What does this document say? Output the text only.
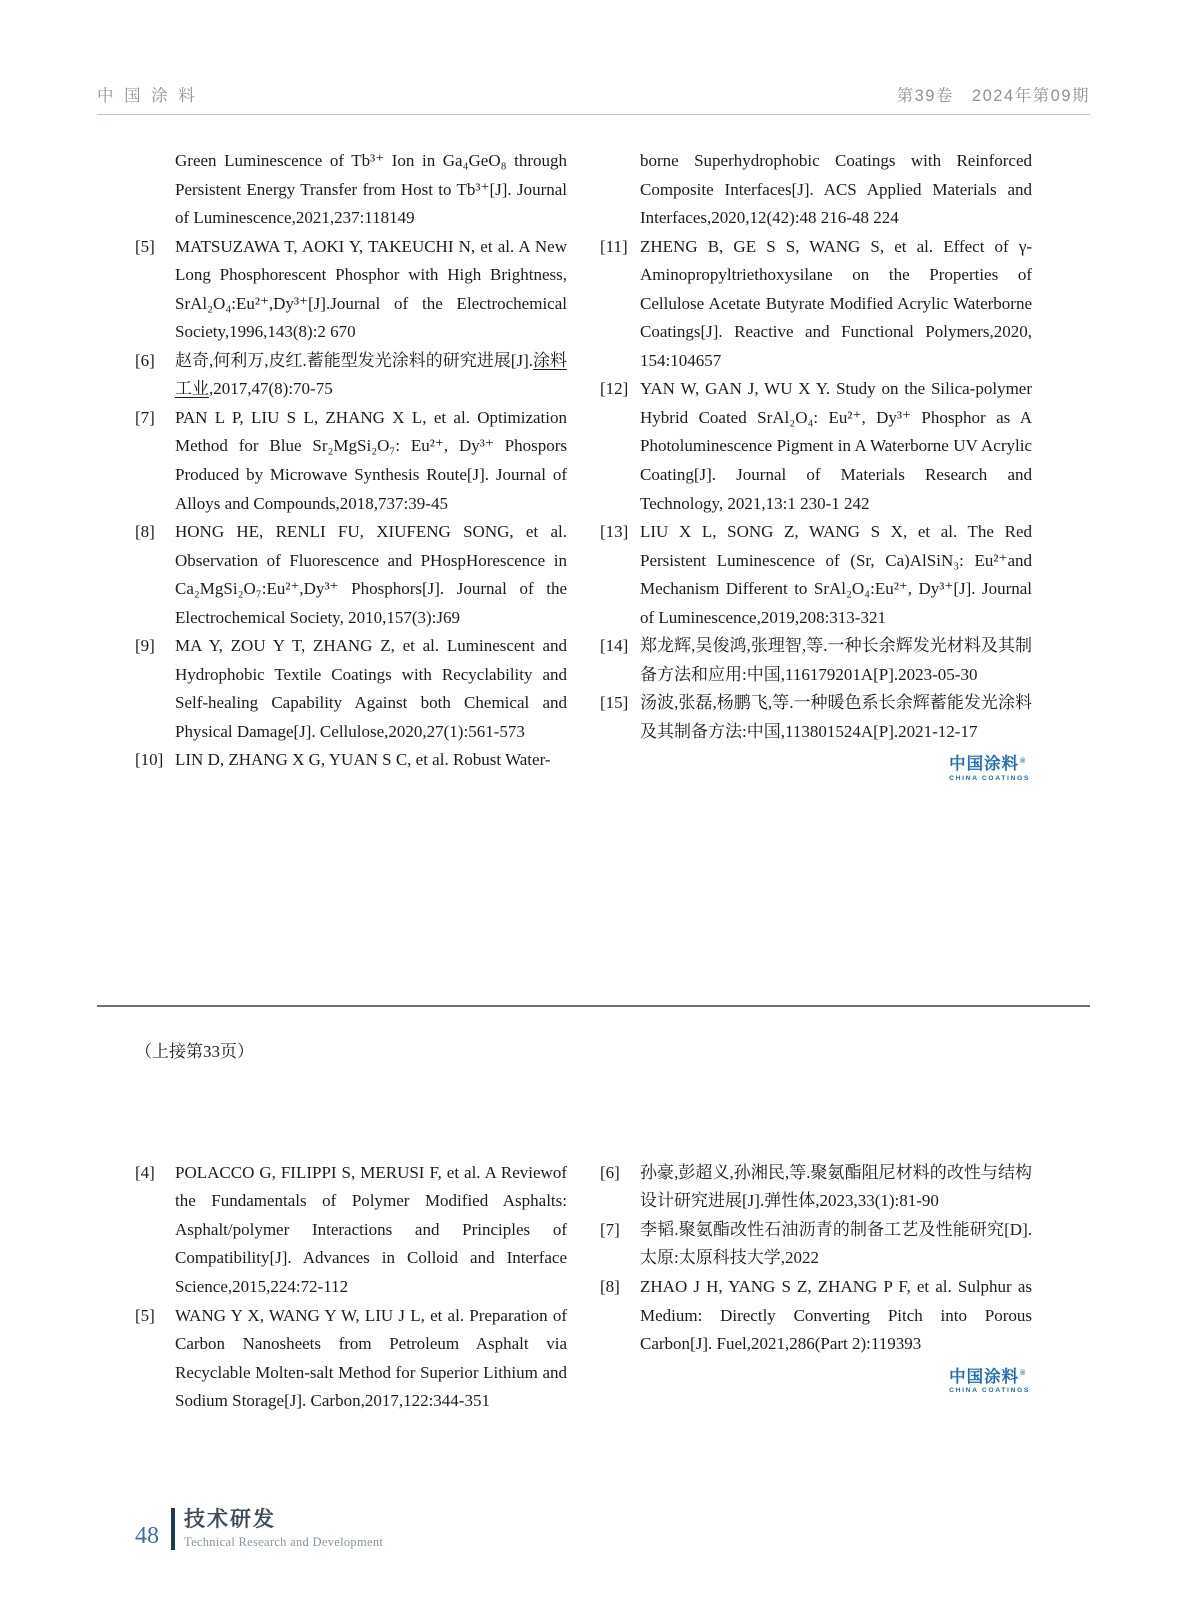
中 国 涂 料	第39卷　2024年第09期
Green Luminescence of Tb³⁺ Ion in Ga₄GeO₈ through Persistent Energy Transfer from Host to Tb³⁺[J]. Journal of Luminescence,2021,237:118149
[5]	MATSUZAWA T, AOKI Y, TAKEUCHI N, et al. A New Long Phosphorescent Phosphor with High Brightness, SrAl₂O₄:Eu²⁺,Dy³⁺[J].Journal of the Electrochemical Society,1996,143(8):2 670
[6]	赵奇,何利万,皮红.蓄能型发光涂料的研究进展[J].涂料工业,2017,47(8):70-75
[7]	PAN L P, LIU S L, ZHANG X L, et al. Optimization Method for Blue Sr₂MgSi₂O₇: Eu²⁺, Dy³⁺ Phospors Produced by Microwave Synthesis Route[J]. Journal of Alloys and Compounds,2018,737:39-45
[8]	HONG HE, RENLI FU, XIUFENG SONG, et al. Observation of Fluorescence and PHospHorescence in Ca₂MgSi₂O₇:Eu²⁺,Dy³⁺ Phosphors[J]. Journal of the Electrochemical Society, 2010,157(3):J69
[9]	MA Y, ZOU Y T, ZHANG Z, et al. Luminescent and Hydrophobic Textile Coatings with Recyclability and Self-healing Capability Against both Chemical and Physical Damage[J]. Cellulose,2020,27(1):561-573
[10] LIN D, ZHANG X G, YUAN S C, et al. Robust Water-
borne Superhydrophobic Coatings with Reinforced Composite Interfaces[J]. ACS Applied Materials and Interfaces,2020,12(42):48 216-48 224
[11] ZHENG B, GE S S, WANG S, et al. Effect of γ-Aminopropyltriethoxysilane on the Properties of Cellulose Acetate Butyrate Modified Acrylic Waterborne Coatings[J]. Reactive and Functional Polymers,2020, 154:104657
[12] YAN W, GAN J, WU X Y. Study on the Silica-polymer Hybrid Coated SrAl₂O₄: Eu²⁺, Dy³⁺ Phosphor as A Photoluminescence Pigment in A Waterborne UV Acrylic Coating[J]. Journal of Materials Research and Technology, 2021,13:1 230-1 242
[13] LIU X L, SONG Z, WANG S X, et al. The Red Persistent Luminescence of (Sr, Ca)AlSiN₃: Eu²⁺and Mechanism Different to SrAl₂O₄:Eu²⁺, Dy³⁺[J]. Journal of Luminescence,2019,208:313-321
[14] 郑龙辉,吴俊鸿,张理智,等.一种长余辉发光材料及其制备方法和应用:中国,116179201A[P].2023-05-30
[15] 汤波,张磊,杨鹏飞,等.一种暖色系长余辉蓄能发光涂料及其制备方法:中国,113801524A[P].2021-12-17
中国涂料®
CHINA COATINGS
（上接第33页）
[4]	POLACCO G, FILIPPI S, MERUSI F, et al. A Reviewof the Fundamentals of Polymer Modified Asphalts: Asphalt/polymer Interactions and Principles of Compatibility[J]. Advances in Colloid and Interface Science,2015,224:72-112
[5]	WANG Y X, WANG Y W, LIU J L, et al. Preparation of Carbon Nanosheets from Petroleum Asphalt via Recyclable Molten-salt Method for Superior Lithium and Sodium Storage[J]. Carbon,2017,122:344-351
[6]	孙豪,彭超义,孙湘民,等.聚氨酯阻尼材料的改性与结构设计研究进展[J].弹性体,2023,33(1):81-90
[7]	李韬.聚氨酯改性石油沥青的制备工艺及性能研究[D].太原:太原科技大学,2022
[8]	ZHAO J H, YANG S Z, ZHANG P F, et al. Sulphur as Medium: Directly Converting Pitch into Porous Carbon[J]. Fuel,2021,286(Part 2):119393
中国涂料®
CHINA COATINGS
48
技术研发
Technical Research and Development
